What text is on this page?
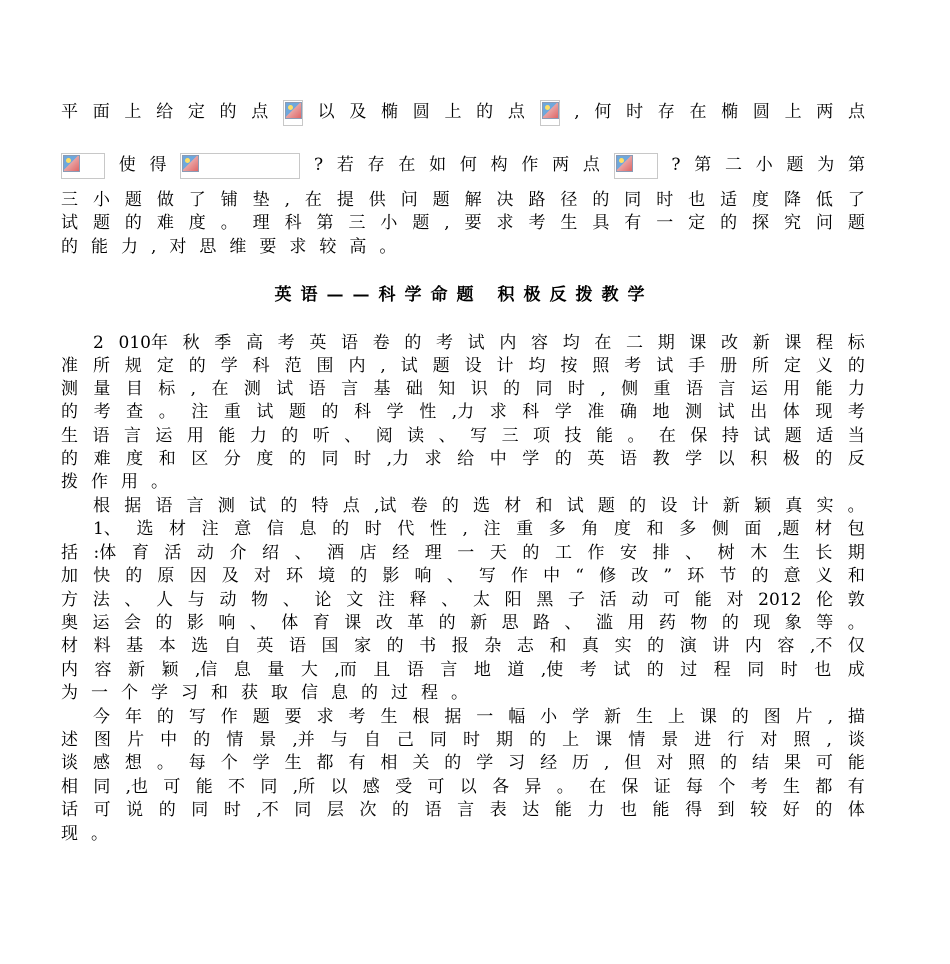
平 面 上 给 定 的 点	以 及 椭 圆 上 的 点	, 何 时 存 在 椭 圆 上 两 点
使 得	? 若 存 在 如 何 构 作 两 点	? 第 二 小 题 为 第
三 小 题 做 了 铺 垫 , 在 提 供 问 题 解 决 路 径 的 同 时 也 适 度 降 低 了
试 题 的 难 度 。 理 科 第 三 小 题 , 要 求 考 生 具 有 一 定 的 探 究 问 题
的 能 力 , 对 思 维 要 求 较 高 。
英语——科学命题 积极反拨教学
2 010年 秋 季 高 考 英 语 卷 的 考 试 内 容 均 在 二 期 课 改 新 课 程 标
准 所 规 定 的 学 科 范 围 内 , 试 题 设 计 均 按 照 考 试 手 册 所 定 义 的
测 量 目 标 , 在 测 试 语 言 基 础 知 识 的 同 时 , 侧 重 语 言 运 用 能 力
的 考 查 。 注 重 试 题 的 科 学 性 ,力 求 科 学 准 确 地 测 试 出 体 现 考
生 语 言 运 用 能 力 的 听 、 阅 读 、 写 三 项 技 能 。 在 保 持 试 题 适 当
的 难 度 和 区 分 度 的 同 时 ,力 求 给 中 学 的 英 语 教 学 以 积 极 的 反
拨 作 用 。
根 据 语 言 测 试 的 特 点 ,试 卷 的 选 材 和 试 题 的 设 计 新 颖 真 实 。
1、 选 材 注 意 信 息 的 时 代 性 , 注 重 多 角 度 和 多 侧 面 ,题 材 包
括 :体 育 活 动 介 绍 、 酒 店 经 理 一 天 的 工 作 安 排 、 树 木 生 长 期
加 快 的 原 因 及 对 环 境 的 影 响 、 写 作 中 “ 修 改 ” 环 节 的 意 义 和
方 法 、 人 与 动 物 、 论 文 注 释 、 太 阳 黑 子 活 动 可 能 对 2012 伦 敦
奥 运 会 的 影 响 、 体 育 课 改 革 的 新 思 路 、 滥 用 药 物 的 现 象 等 。
材 料 基 本 选 自 英 语 国 家 的 书 报 杂 志 和 真 实 的 演 讲 内 容 ,不 仅
内 容 新 颖 ,信 息 量 大 ,而 且 语 言 地 道 ,使 考 试 的 过 程 同 时 也 成
为 一 个 学 习 和 获 取 信 息 的 过 程 。
今 年 的 写 作 题 要 求 考 生 根 据 一 幅 小 学 新 生 上 课 的 图 片 , 描
述 图 片 中 的 情 景 ,并 与 自 己 同 时 期 的 上 课 情 景 进 行 对 照 , 谈
谈 感 想 。 每 个 学 生 都 有 相 关 的 学 习 经 历 , 但 对 照 的 结 果 可 能
相 同 ,也 可 能 不 同 ,所 以 感 受 可 以 各 异 。 在 保 证 每 个 考 生 都 有
话 可 说 的 同 时 ,不 同 层 次 的 语 言 表 达 能 力 也 能 得 到 较 好 的 体
现 。
